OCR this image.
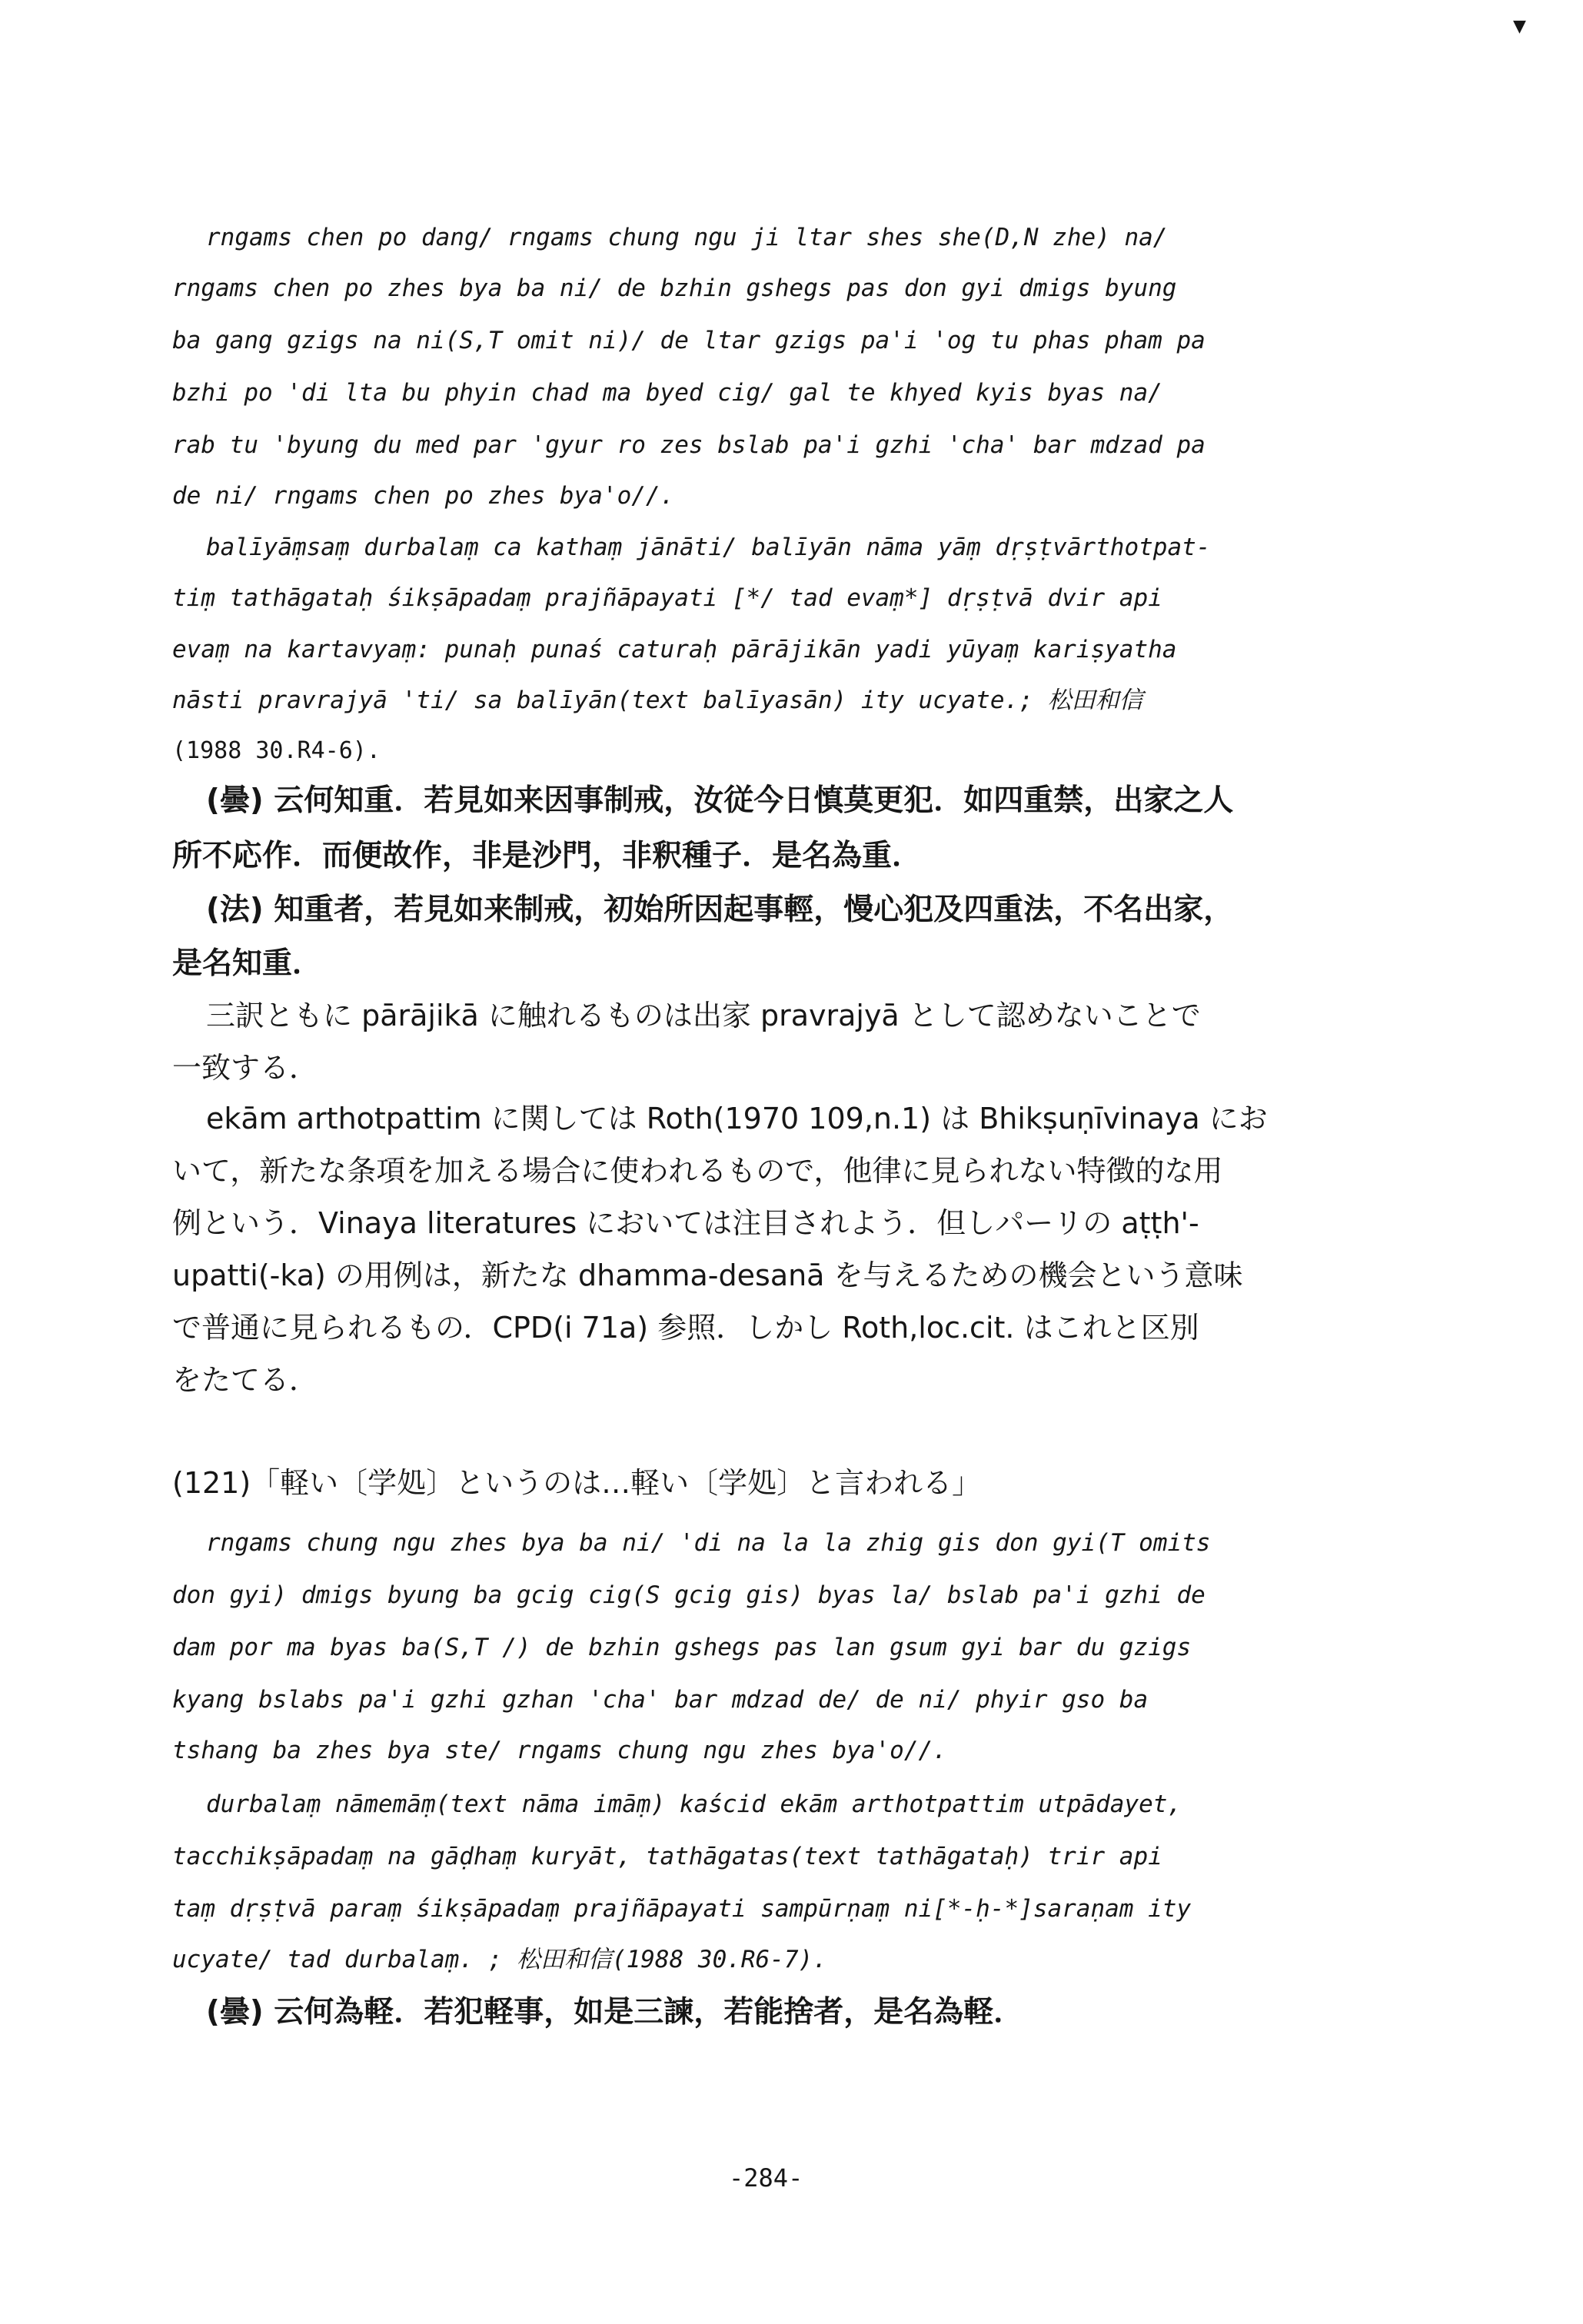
▼
rngams chen po dang/ rngams chung ngu ji ltar shes she(D,N zhe) na/
rngams chen po zhes bya ba ni/ de bzhin gshegs pas don gyi dmigs byung
ba gang gzigs na ni(S,T omit ni)/ de ltar gzigs pa'i 'og tu phas pham pa
bzhi po 'di lta bu phyin chad ma byed cig/ gal te khyed kyis byas na/
rab tu 'byung du med par 'gyur ro zes bslab pa'i gzhi 'cha' bar mdzad pa
de ni/ rngams chen po zhes bya'o//.
balīyāṃsaṃ durbalaṃ ca kathaṃ jānāti/ balīyān nāma yāṃ dṛṣṭvārthotpat-
tiṃ tathāgataḥ śikṣāpadaṃ prajñāpayati [*/ tad evaṃ*] dṛṣṭvā dvir api
evaṃ na kartavyaṃ: punaḥ punaś caturaḥ pārājikān yadi yūyaṃ kariṣyatha
nāsti pravrajyā 'ti/ sa balīyān(text balīyasān) ity ucyate.; 松田和信
(1988 30.R4-6).
(曇) 云何知重．若見如来因事制戒，汝従今日慎莫更犯．如四重禁，出家之人
所不応作．而便故作，非是沙門，非釈種子．是名為重．
(法) 知重者，若見如来制戒，初始所因起事輕，慢心犯及四重法，不名出家，
是名知重．
三訳ともに pārājikā に触れるものは出家 pravrajyā として認めないことで
一致する．
ekām arthotpattim に関しては Roth(1970 109,n.1) は Bhikṣuṇīvinaya にお
いて，新たな条項を加える場合に使われるもので，他律に見られない特徴的な用
例という．Vinaya literatures においては注目されよう．但しパーリの aṭṭh'-
upatti(-ka) の用例は，新たな dhamma-desanā を与えるための機会という意味
で普通に見られるもの．CPD(i 71a) 参照．しかし Roth,loc.cit. はこれと区別
をたてる．
(121)「軽い〔学処〕というのは…軽い〔学処〕と言われる」
rngams chung ngu zhes bya ba ni/ 'di na la la zhig gis don gyi(T omits
don gyi) dmigs byung ba gcig cig(S gcig gis) byas la/ bslab pa'i gzhi de
dam por ma byas ba(S,T /) de bzhin gshegs pas lan gsum gyi bar du gzigs
kyang bslabs pa'i gzhi gzhan 'cha' bar mdzad de/ de ni/ phyir gso ba
tshang ba zhes bya ste/ rngams chung ngu zhes bya'o//.
durbalaṃ nāmemāṃ(text nāma imāṃ) kaścid ekām arthotpattim utpādayet,
tacchikṣāpadaṃ na gāḍhaṃ kuryāt, tathāgatas(text tathāgataḥ) trir api
taṃ dṛṣṭvā paraṃ śikṣāpadaṃ prajñāpayati sampūrṇaṃ ni[*-ḥ-*]saraṇam ity
ucyate/ tad durbalaṃ. ; 松田和信(1988 30.R6-7).
(曇) 云何為軽．若犯軽事，如是三諫，若能捨者，是名為軽．
-284-
